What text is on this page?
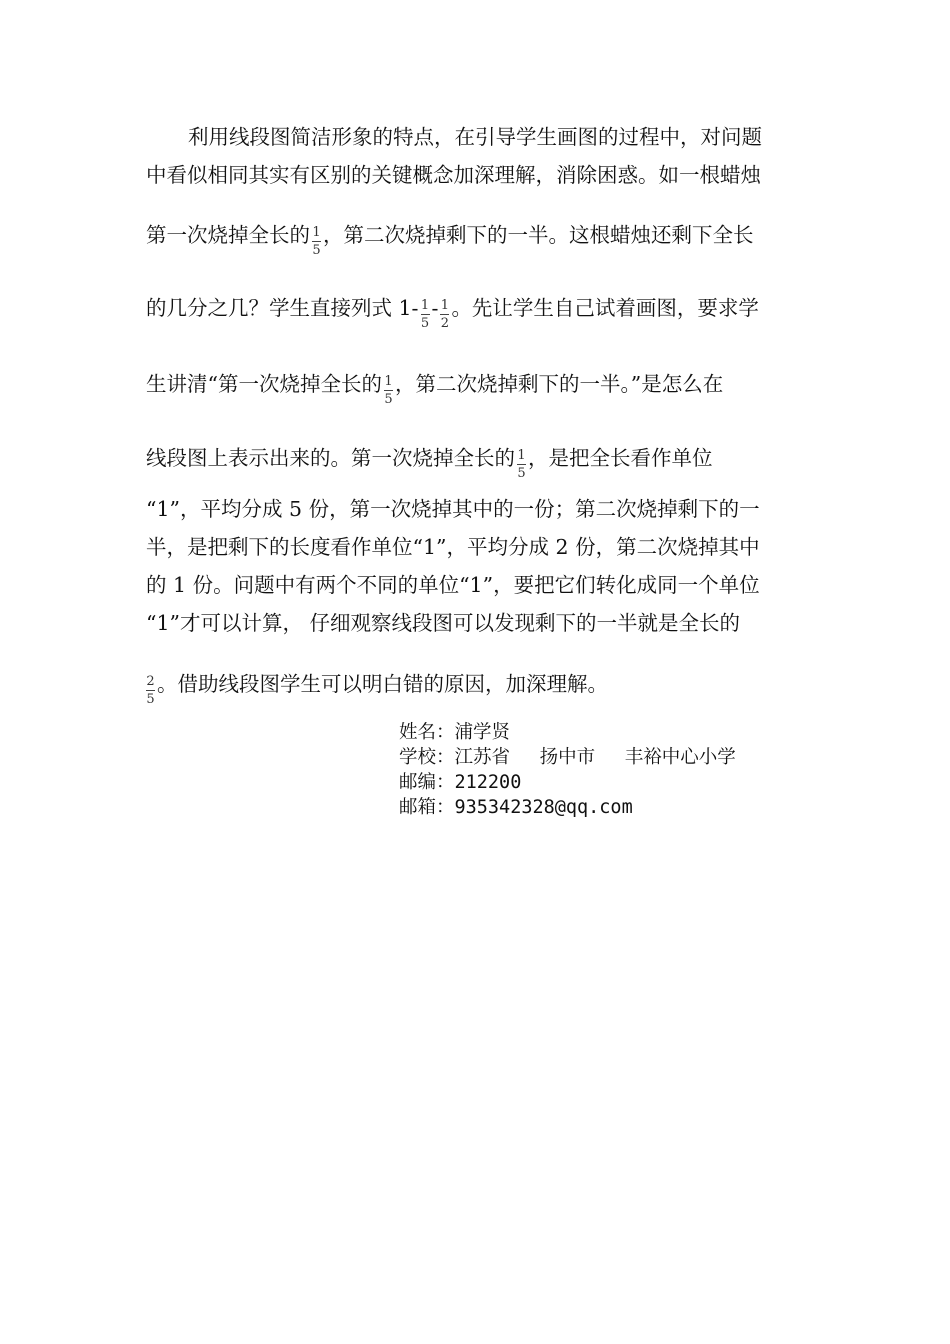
利用线段图简洁形象的特点，在引导学生画图的过程中，对问题
中看似相同其实有区别的关键概念加深理解，消除困惑。如一根蜡烛
第一次烧掉全长的 $\frac{1}{5}$ ，第二次烧掉剩下的一半。这根蜡烛还剩下全长
的几分之几？学生直接列式 $1- \frac{1}{5} - \frac{1}{2}$ 。先让学生自己试着画图，要求学
生讲清“第一次烧掉全长的 $\frac{1}{5}$ ，第二次烧掉剩下的一半。”是怎么在
线段图上表示出来的。第一次烧掉全长的 $\frac{1}{5}$ ，是把全长看作单位
“1”，平均分成 5 份，第一次烧掉其中的一份；第二次烧掉剩下的一
半，是把剩下的长度看作单位“1”，平均分成 2 份，第二次烧掉其中
的 1 份。问题中有两个不同的单位“1”，要把它们转化成同一个单位
“1”才可以计算， 仔细观察线段图可以发现剩下的一半就是全长的
$\frac{2}{5}$ 。借助线段图学生可以明白错的原因，加深理解。
姓名：浦学贤
学校：江苏省　 扬中市　 丰裕中心小学
邮编：212200
邮箱：935342328@qq.com
